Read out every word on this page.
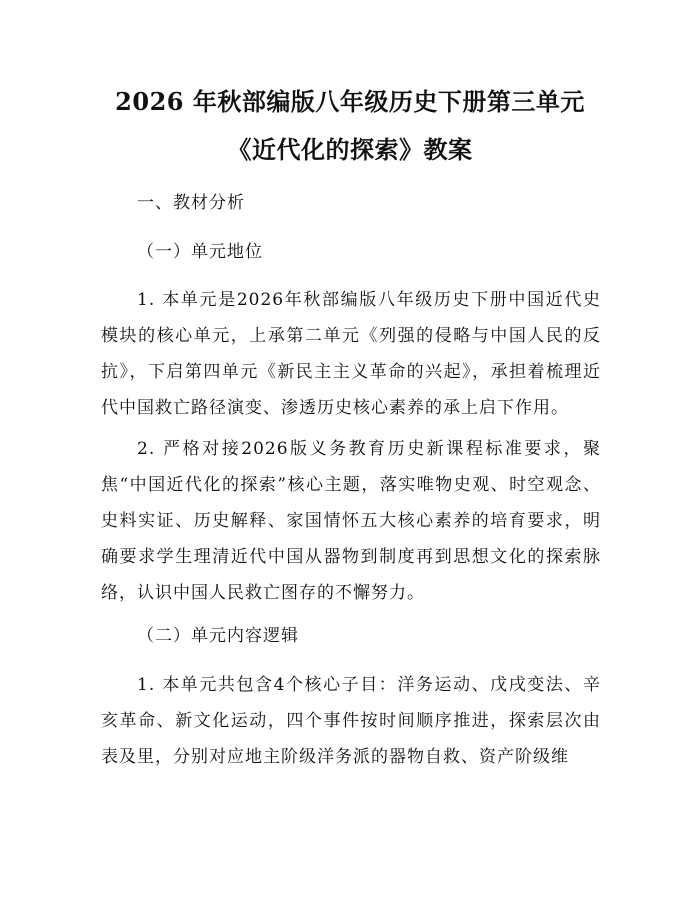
2026 年秋部编版八年级历史下册第三单元
《近代化的探索》教案
一、教材分析
（一）单元地位
1. 本单元是2026年秋部编版八年级历史下册中国近代史模块的核心单元，上承第二单元《列强的侵略与中国人民的反抗》，下启第四单元《新民主主义革命的兴起》，承担着梳理近代中国救亡路径演变、渗透历史核心素养的承上启下作用。
2. 严格对接2026版义务教育历史新课程标准要求，聚焦“中国近代化的探索”核心主题，落实唯物史观、时空观念、史料实证、历史解释、家国情怀五大核心素养的培育要求，明确要求学生理清近代中国从器物到制度再到思想文化的探索脉络，认识中国人民救亡图存的不懈努力。
（二）单元内容逻辑
1. 本单元共包含4个核心子目：洋务运动、戊戌变法、辛亥革命、新文化运动，四个事件按时间顺序推进，探索层次由表及里，分别对应地主阶级洋务派的器物自救、资产阶级维
